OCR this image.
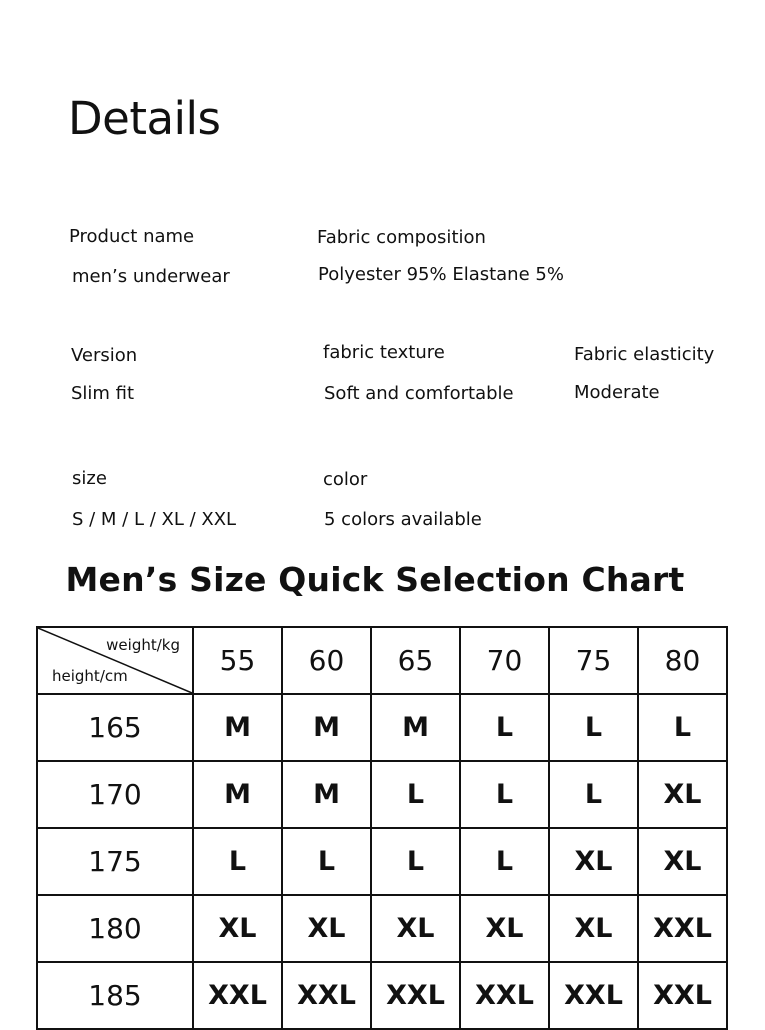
Details
Product name
men’s underwear
Fabric composition
Polyester 95% Elastane 5%
Version
Slim fit
fabric texture
Soft and comfortable
Fabric elasticity
Moderate
size
S / M / L / XL / XXL
color
5 colors available
Men’s Size Quick Selection Chart
weight/kg
height/cm	55	60	65	70	75	80
165	M	M	M	L	L	L
170	M	M	L	L	L	XL
175	L	L	L	L	XL	XL
180	XL	XL	XL	XL	XL	XXL
185	XXL	XXL	XXL	XXL	XXL	XXL
